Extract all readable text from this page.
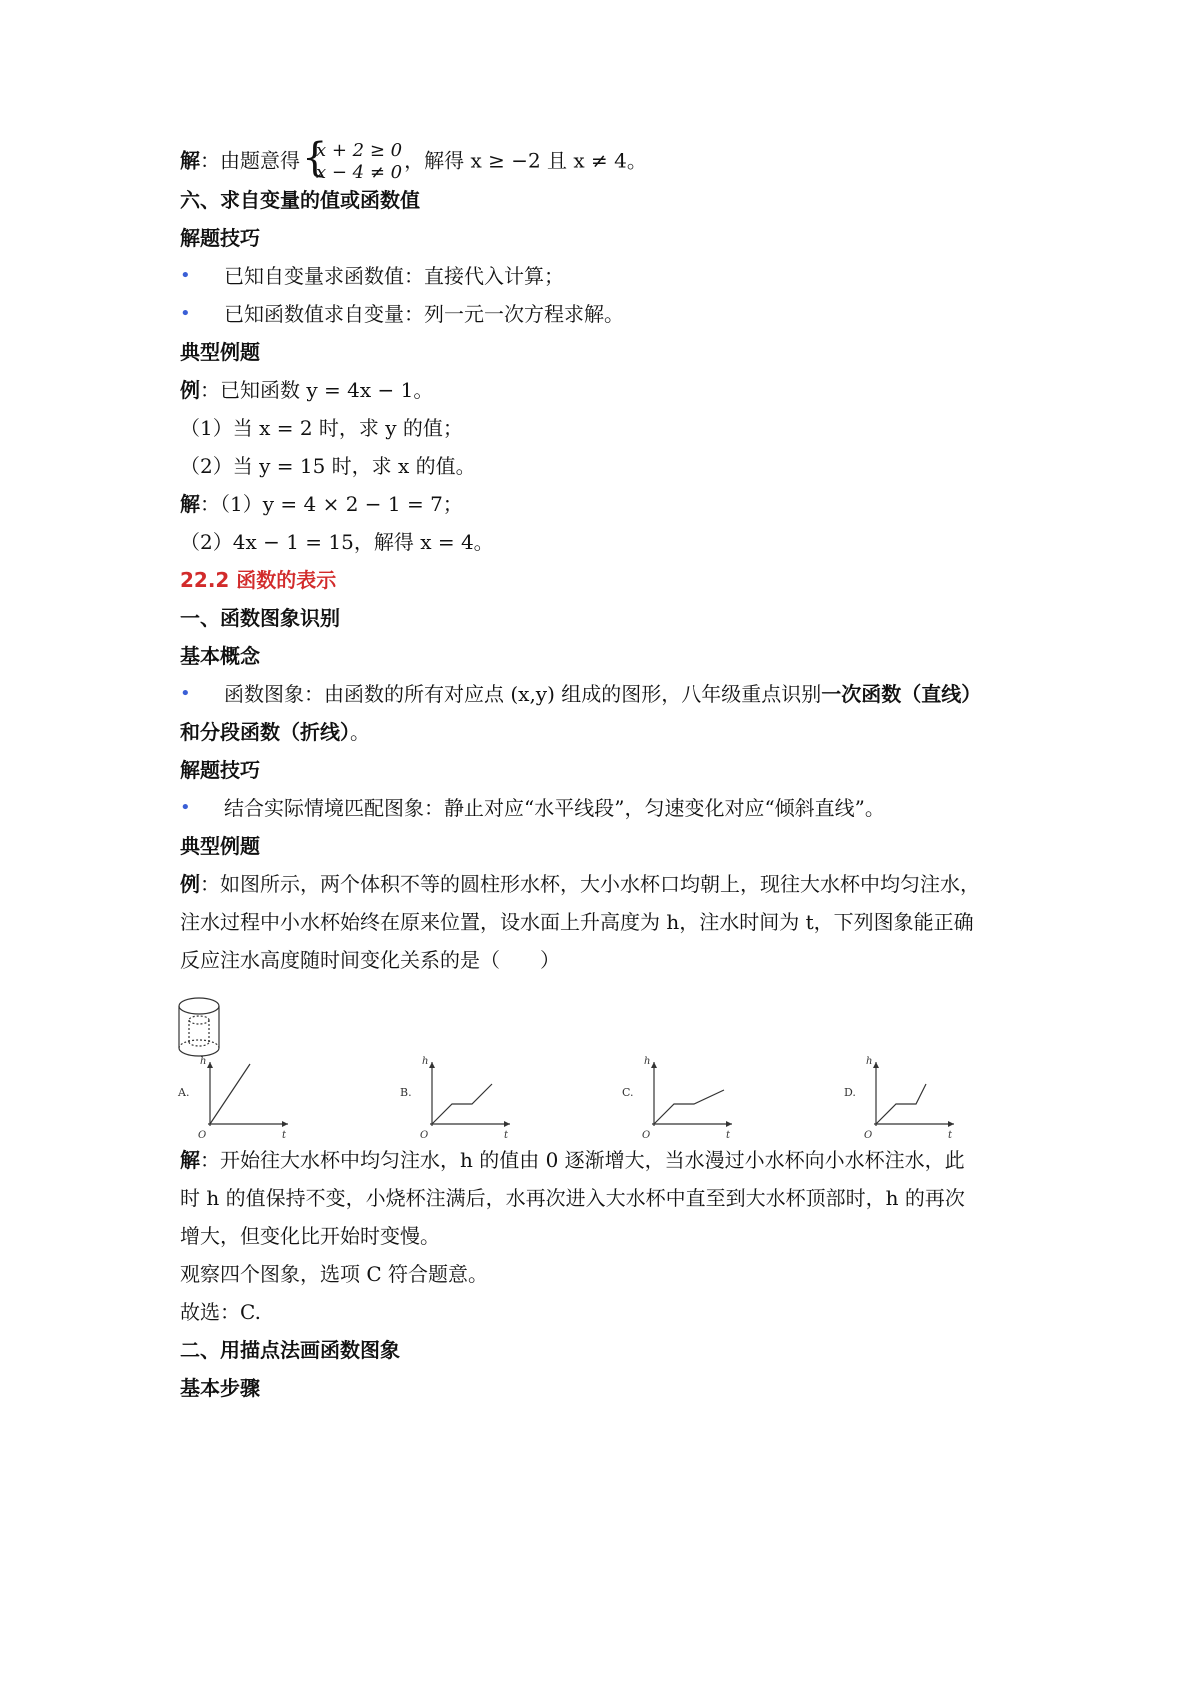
解：由题意得 {
x + 2 ≥ 0
x − 4 ≠ 0 ，解得 x ≥ −2 且 x ≠ 4。
六、求自变量的值或函数值
解题技巧
• 已知自变量求函数值：直接代入计算；
• 已知函数值求自变量：列一元一次方程求解。
典型例题
例：已知函数 y = 4x − 1。
（1）当 x = 2 时，求 y 的值；
（2）当 y = 15 时，求 x 的值。
解：（1）y = 4 × 2 − 1 = 7；
（2）4x − 1 = 15，解得 x = 4。
22.2 函数的表示
一、函数图象识别
基本概念
• 函数图象：由函数的所有对应点 (x,y) 组成的图形，八年级重点识别一次函数（直线）
和分段函数（折线）。
解题技巧
• 结合实际情境匹配图象：静止对应“水平线段”，匀速变化对应“倾斜直线”。
典型例题
例：如图所示，两个体积不等的圆柱形水杯，大小水杯口均朝上，现往大水杯中均匀注水，
注水过程中小水杯始终在原来位置，设水面上升高度为 h，注水时间为 t，下列图象能正确
反应注水高度随时间变化关系的是（　　）
A.
h
t
O
B.
h
t
O
C.
h
t
O
D.
h
t
O
解：开始往大水杯中均匀注水，h 的值由 0 逐渐增大，当水漫过小水杯向小水杯注水，此
时 h 的值保持不变，小烧杯注满后，水再次进入大水杯中直至到大水杯顶部时，h 的再次
增大，但变化比开始时变慢。
观察四个图象，选项 C 符合题意。
故选：C.
二、用描点法画函数图象
基本步骤
